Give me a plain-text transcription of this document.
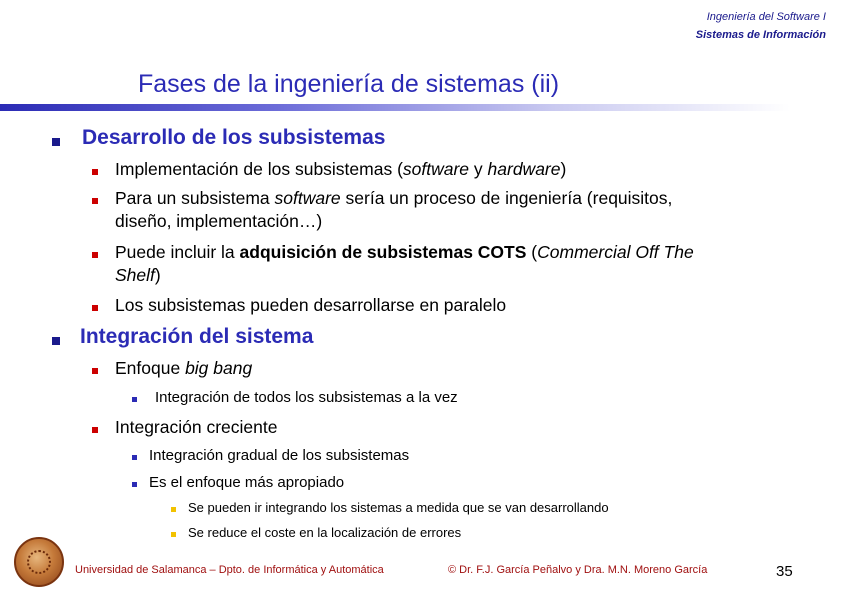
Ingeniería del Software I
Sistemas de Información
Fases de la ingeniería de sistemas (ii)
Desarrollo de los subsistemas
Implementación de los subsistemas (software y hardware)
Para un subsistema software sería un proceso de ingeniería (requisitos,
diseño, implementación…)
Puede incluir la adquisición de subsistemas COTS (Commercial Off The
Shelf)
Los subsistemas pueden desarrollarse en paralelo
Integración del sistema
Enfoque big bang
Integración de todos los subsistemas a la vez
Integración creciente
Integración gradual de los subsistemas
Es el enfoque más apropiado
Se pueden ir integrando los sistemas a medida que se van desarrollando
Se reduce el coste en la localización de errores
Universidad de Salamanca – Dpto. de Informática y Automática	© Dr. F.J. García Peñalvo y Dra. M.N. Moreno García	35
